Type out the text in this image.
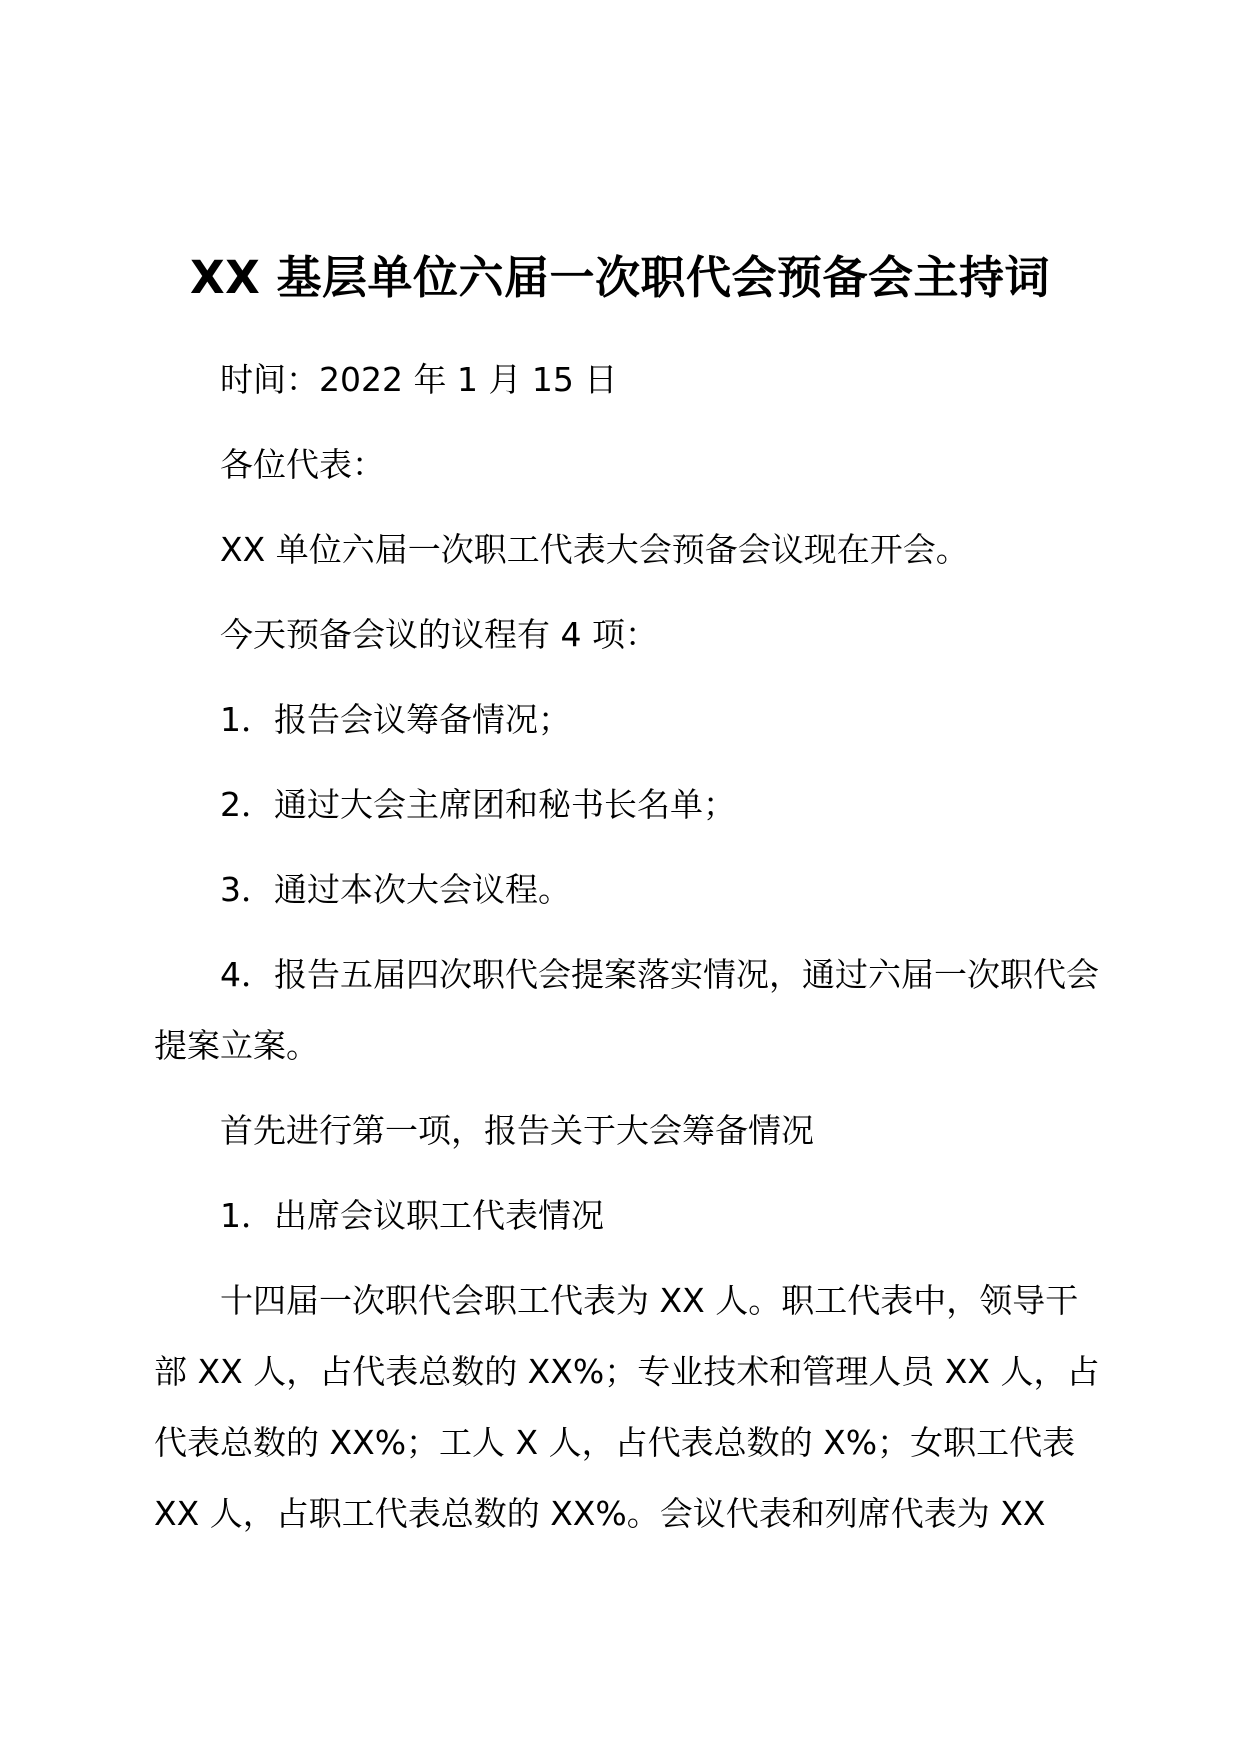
XX 基层单位六届一次职代会预备会主持词

时间：2022 年 1 月 15 日

各位代表：

XX 单位六届一次职工代表大会预备会议现在开会。

今天预备会议的议程有 4 项：

1．报告会议筹备情况；

2．通过大会主席团和秘书长名单；

3．通过本次大会议程。

4．报告五届四次职代会提案落实情况，通过六届一次职代会提案立案。

首先进行第一项，报告关于大会筹备情况

1．出席会议职工代表情况

十四届一次职代会职工代表为 XX 人。职工代表中，领导干部 XX 人，占代表总数的 XX%；专业技术和管理人员 XX 人，占代表总数的 XX%；工人 X 人，占代表总数的 X%；女职工代表 XX 人，占职工代表总数的 XX%。会议代表和列席代表为 XX
